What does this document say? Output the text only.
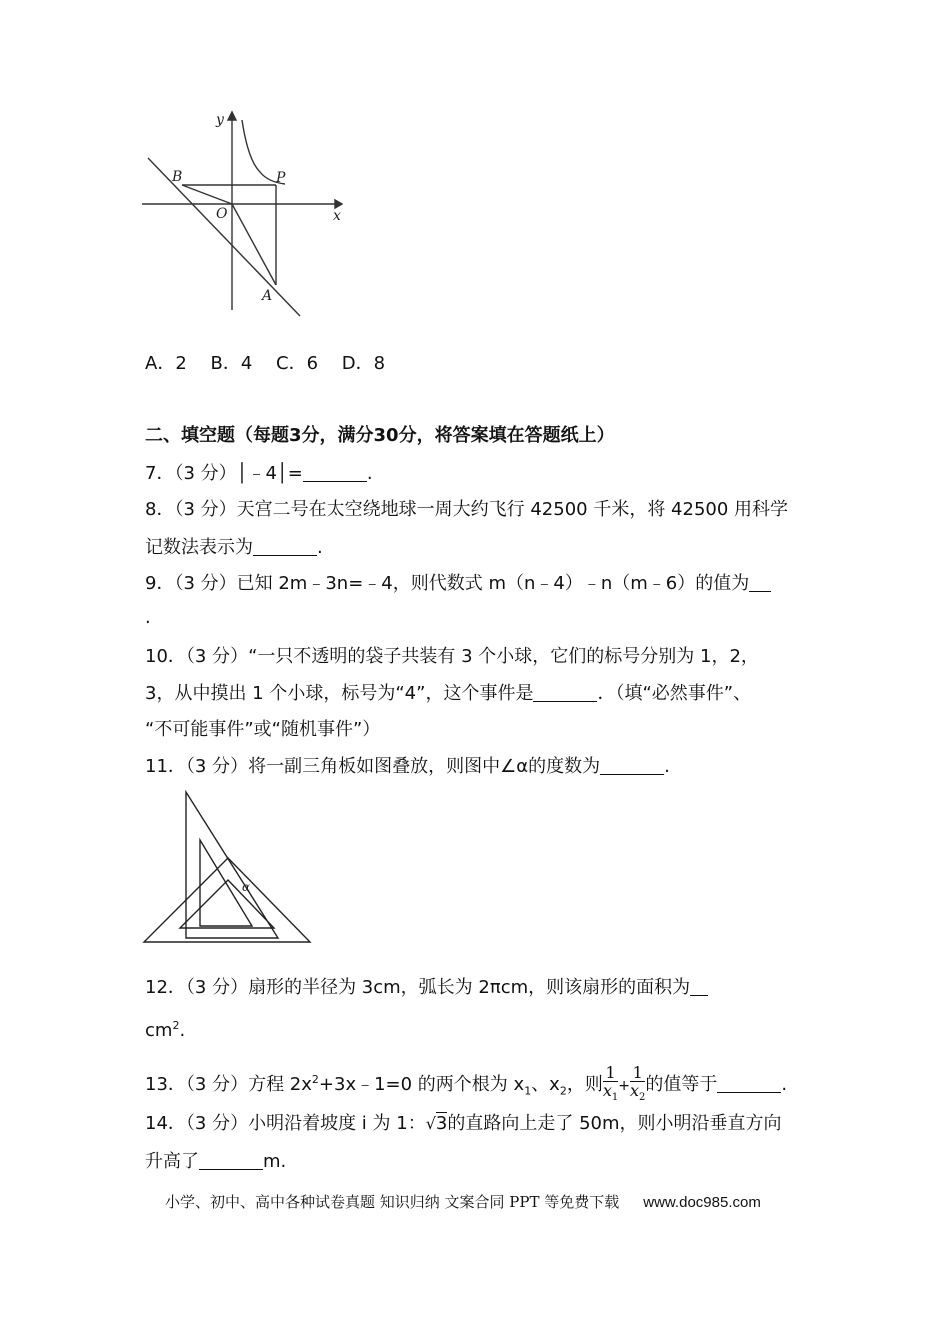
y
x
B	P
O
A
A．2　 B．4　 C．6　 D．8
二、填空题（每题3分，满分30分，将答案填在答题纸上）
7．（3 分）│﹣4│=	.
8．（3 分）天宫二号在太空绕地球一周大约飞行 42500 千米，将 42500 用科学
记数法表示为	.
9．（3 分）已知 2m﹣3n=﹣4，则代数式 m（n﹣4）﹣n（m﹣6）的值为
.
10．（3 分）“一只不透明的袋子共装有 3 个小球，它们的标号分别为 1，2，
3，从中摸出 1 个小球，标号为“4”，这个事件是	．（填“必然事件”、
“不可能事件”或“随机事件”）
11．（3 分）将一副三角板如图叠放，则图中∠α的度数为	.
α
12．（3 分）扇形的半径为 3cm，弧长为 2πcm，则该扇形的面积为
$cm^2$.
13．（3 分）方程 $2x^2+3x﹣1=0$ 的两个根为 $x_1$、$x_2$，则 $\frac{1}{x_1} + \frac{1}{x_2}$ 的值等于	.
14．（3 分）小明沿着坡度 i 为 1：√3的直路向上走了 50m，则小明沿垂直方向
升高了	m.
小学、初中、高中各种试卷真题 知识归纳 文案合同 PPT 等免费下载 www.doc985.com
